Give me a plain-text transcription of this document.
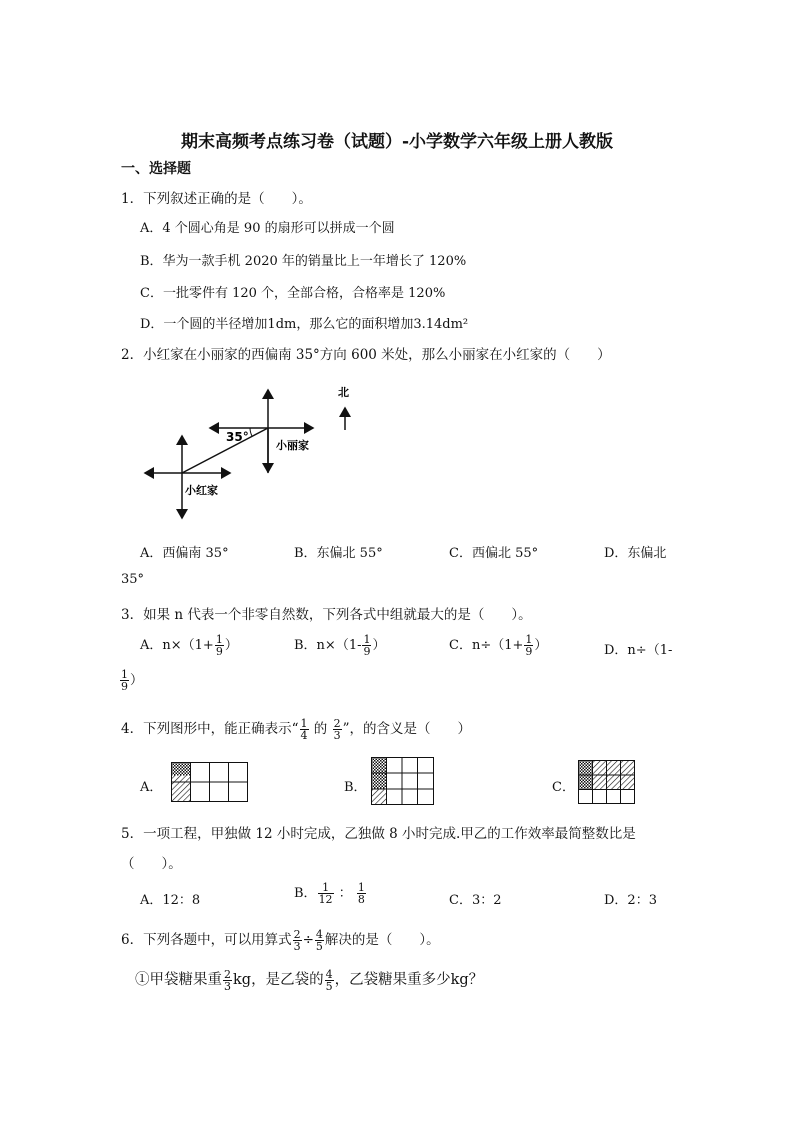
期末高频考点练习卷（试题）-小学数学六年级上册人教版
一、选择题
1．下列叙述正确的是（　　）。
A．4 个圆心角是 90 的扇形可以拼成一个圆
B．华为一款手机 2020 年的销量比上一年增长了 120%
C．一批零件有 120 个，全部合格，合格率是 120%
D．一个圆的半径增加1dm，那么它的面积增加3.14dm²
2．小红家在小丽家的西偏南 35°方向 600 米处，那么小丽家在小红家的（　　）
35°
小丽家
小红家
北
A．西偏南 35°	B．东偏北 55°	C．西偏北 55°	D．东偏北
35°
3．如果 n 代表一个非零自然数，下列各式中组就最大的是（　　）。
A．$n\times(1+ \frac{1}{9}$ ）	B．$n\times(1- \frac{1}{9}$ ）	C．$n\div(1+ \frac{1}{9}$ ）	D．n÷（1-
$\frac{1}{9}$ ）
4．下列图形中，能正确表示“ $\frac{1}{4}$ 的 $\frac{2}{3}$ ”，的含义是（　　）
A．	B．	C．
5．一项工程，甲独做 12 小时完成，乙独做 8 小时完成.甲乙的工作效率最简整数比是
（　　）。
A．12：8	B． $\frac{1}{12}$ ： $\frac{1}{8}$	C．3：2	D．2：3
6．下列各题中，可以用算式 $\frac{2}{3} \div \frac{4}{5}$ 解决的是（　　）。
①甲袋糖果重 $\frac{2}{3}$ kg，是乙袋的 $\frac{4}{5}$ ，乙袋糖果重多少kg？
